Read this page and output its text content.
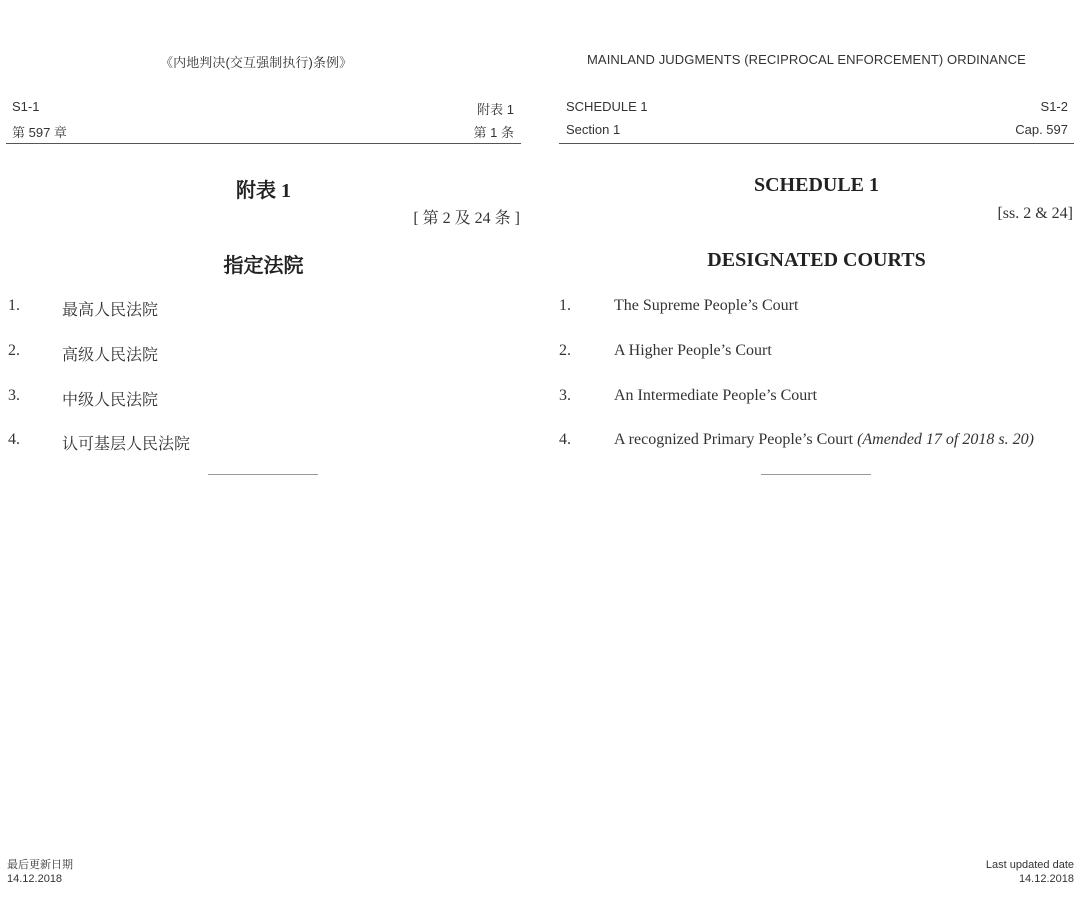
《内地判决(交互强制执行)条例》
S1-1	附表 1
第 597 章	第 1 条
附表 1
[ 第 2 及 24 条 ]
指定法院
1.	最高人民法院
2.	高级人民法院
3.	中级人民法院
4.	认可基层人民法院
最后更新日期
14.12.2018
MAINLAND JUDGMENTS (RECIPROCAL ENFORCEMENT) ORDINANCE
SCHEDULE 1	S1-2
Section 1	Cap. 597
SCHEDULE 1
[ss. 2 & 24]
DESIGNATED COURTS
1.	The Supreme People’s Court
2.	A Higher People’s Court
3.	An Intermediate People’s Court
4.	A recognized Primary People’s Court (Amended 17 of 2018 s. 20)
Last updated date
14.12.2018
